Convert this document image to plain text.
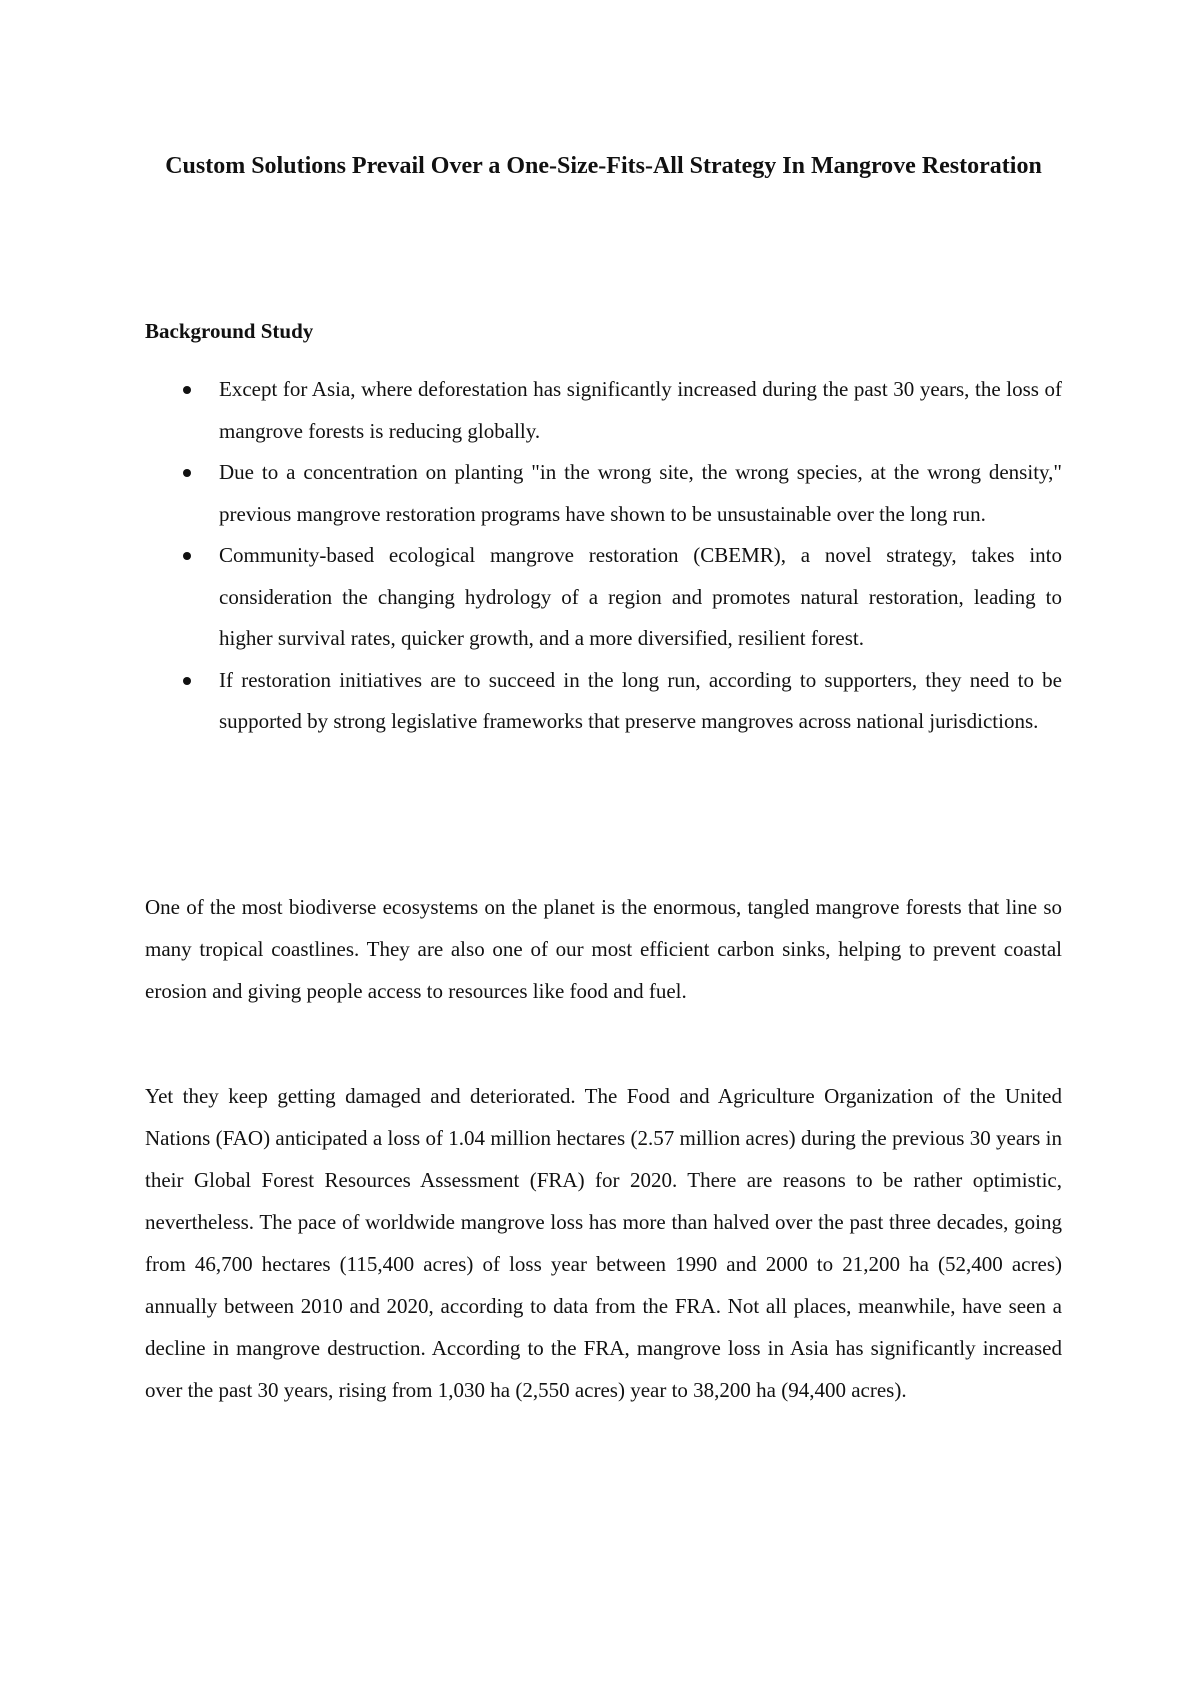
Custom Solutions Prevail Over a One-Size-Fits-All Strategy In Mangrove Restoration
Background Study
Except for Asia, where deforestation has significantly increased during the past 30 years, the loss of mangrove forests is reducing globally.
Due to a concentration on planting "in the wrong site, the wrong species, at the wrong density," previous mangrove restoration programs have shown to be unsustainable over the long run.
Community-based ecological mangrove restoration (CBEMR), a novel strategy, takes into consideration the changing hydrology of a region and promotes natural restoration, leading to higher survival rates, quicker growth, and a more diversified, resilient forest.
If restoration initiatives are to succeed in the long run, according to supporters, they need to be supported by strong legislative frameworks that preserve mangroves across national jurisdictions.

One of the most biodiverse ecosystems on the planet is the enormous, tangled mangrove forests that line so many tropical coastlines. They are also one of our most efficient carbon sinks, helping to prevent coastal erosion and giving people access to resources like food and fuel.

Yet they keep getting damaged and deteriorated. The Food and Agriculture Organization of the United Nations (FAO) anticipated a loss of 1.04 million hectares (2.57 million acres) during the previous 30 years in their Global Forest Resources Assessment (FRA) for 2020. There are reasons to be rather optimistic, nevertheless. The pace of worldwide mangrove loss has more than halved over the past three decades, going from 46,700 hectares (115,400 acres) of loss year between 1990 and 2000 to 21,200 ha (52,400 acres) annually between 2010 and 2020, according to data from the FRA. Not all places, meanwhile, have seen a decline in mangrove destruction. According to the FRA, mangrove loss in Asia has significantly increased over the past 30 years, rising from 1,030 ha (2,550 acres) year to 38,200 ha (94,400 acres).
